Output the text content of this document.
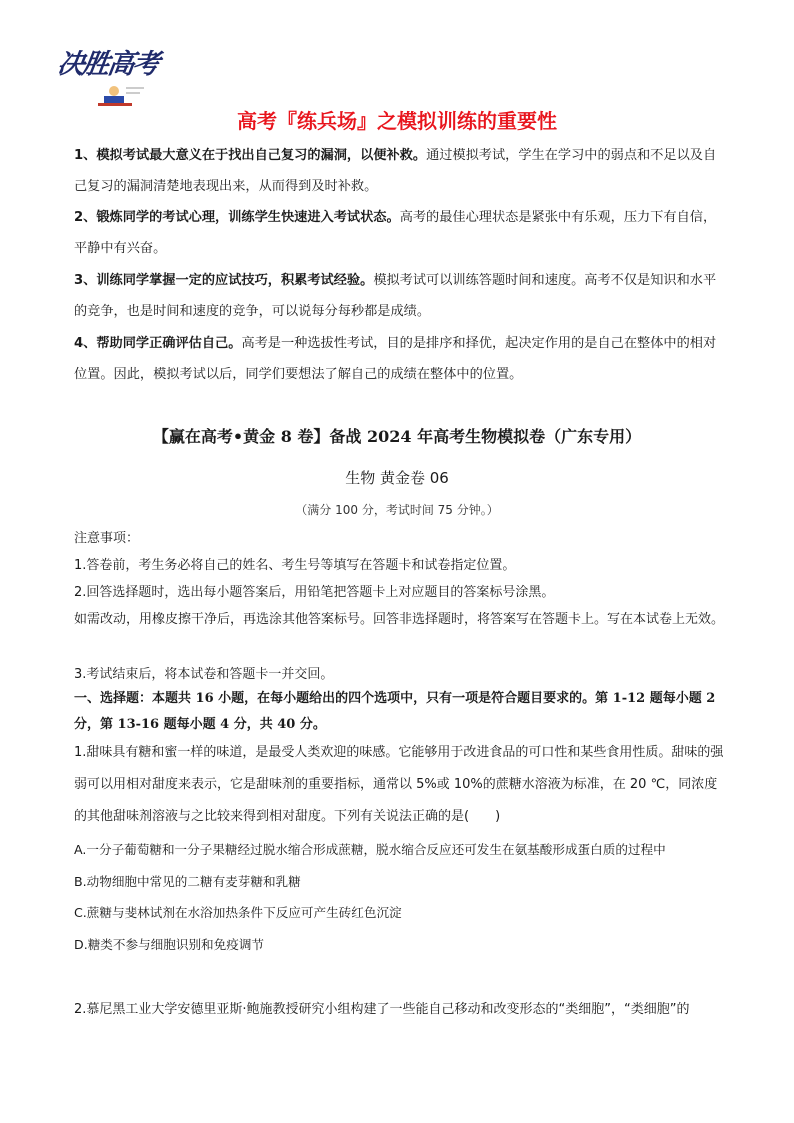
决胜高考
高考『练兵场』之模拟训练的重要性

1、模拟考试最大意义在于找出自己复习的漏洞，以便补救。通过模拟考试，学生在学习中的弱点和不足以及自己复习的漏洞清楚地表现出来，从而得到及时补救。

2、锻炼同学的考试心理，训练学生快速进入考试状态。高考的最佳心理状态是紧张中有乐观，压力下有自信，平静中有兴奋。

3、训练同学掌握一定的应试技巧，积累考试经验。模拟考试可以训练答题时间和速度。高考不仅是知识和水平的竞争，也是时间和速度的竞争，可以说每分每秒都是成绩。

4、帮助同学正确评估自己。高考是一种选拔性考试，目的是排序和择优，起决定作用的是自己在整体中的相对位置。因此，模拟考试以后，同学们要想法了解自己的成绩在整体中的位置。

【赢在高考•黄金 8 卷】备战 2024 年高考生物模拟卷（广东专用）
生物 黄金卷 06
（满分 100 分，考试时间 75 分钟。）

注意事项：

1.答卷前，考生务必将自己的姓名、考生号等填写在答题卡和试卷指定位置。

2.回答选择题时，选出每小题答案后，用铅笔把答题卡上对应题目的答案标号涂黑。

如需改动，用橡皮擦干净后，再选涂其他答案标号。回答非选择题时，将答案写在答题卡上。写在本试卷上无效。

3.考试结束后，将本试卷和答题卡一并交回。

一、选择题：本题共 16 小题，在每小题给出的四个选项中，只有一项是符合题目要求的。第 1-12 题每小题 2 分，第 13-16 题每小题 4 分，共 40 分。

1.甜味具有糖和蜜一样的味道，是最受人类欢迎的味感。它能够用于改进食品的可口性和某些食用性质。甜味的强弱可以用相对甜度来表示，它是甜味剂的重要指标，通常以 5%或 10%的蔗糖水溶液为标准，在 20 ℃，同浓度的其他甜味剂溶液与之比较来得到相对甜度。下列有关说法正确的是(　　)

A.一分子葡萄糖和一分子果糖经过脱水缩合形成蔗糖，脱水缩合反应还可发生在氨基酸形成蛋白质的过程中

B.动物细胞中常见的二糖有麦芽糖和乳糖

C.蔗糖与斐林试剂在水浴加热条件下反应可产生砖红色沉淀

D.糖类不参与细胞识别和免疫调节

2.慕尼黑工业大学安德里亚斯·鲍施教授研究小组构建了一些能自己移动和改变形态的“类细胞”，“类细胞”的
